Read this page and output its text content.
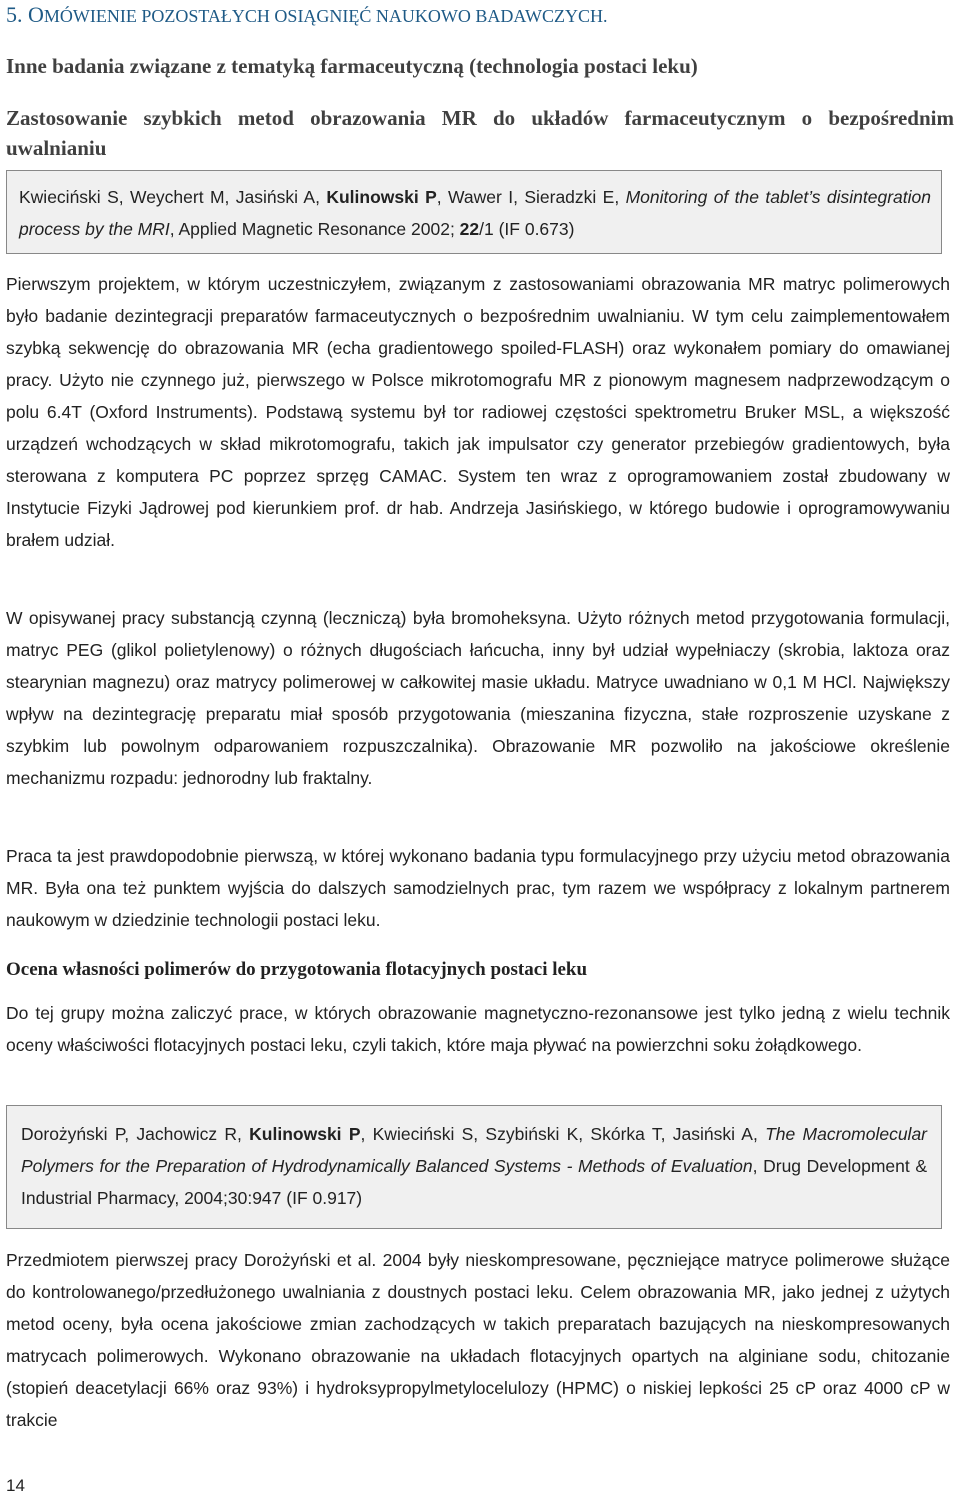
5. OMÓWIENIE POZOSTAŁYCH OSIĄGNIĘĆ NAUKOWO BADAWCZYCH.
Inne badania związane z tematyką farmaceutyczną (technologia postaci leku)
Zastosowanie szybkich metod obrazowania MR do układów farmaceutycznym o bezpośrednim uwalnianiu

Kwieciński S, Weychert M, Jasiński A, Kulinowski P, Wawer I, Sieradzki E, Monitoring of the tablet’s disintegration process by the MRI, Applied Magnetic Resonance 2002; 22/1 (IF 0.673)

Pierwszym projektem, w którym uczestniczyłem, związanym z zastosowaniami obrazowania MR matryc polimerowych było badanie dezintegracji preparatów farmaceutycznych o bezpośrednim uwalnianiu. W tym celu zaimplementowałem szybką sekwencję do obrazowania MR (echa gradientowego spoiled-FLASH) oraz wykonałem pomiary do omawianej pracy. Użyto nie czynnego już, pierwszego w Polsce mikrotomografu MR z pionowym magnesem nadprzewodzącym o polu 6.4T (Oxford Instruments). Podstawą systemu był tor radiowej częstości spektrometru Bruker MSL, a większość urządzeń wchodzących w skład mikrotomografu, takich jak impulsator czy generator przebiegów gradientowych, była sterowana z komputera PC poprzez sprzęg CAMAC. System ten wraz z oprogramowaniem został zbudowany w Instytucie Fizyki Jądrowej pod kierunkiem prof. dr hab. Andrzeja Jasińskiego, w którego budowie i oprogramowywaniu brałem udział.

W opisywanej pracy substancją czynną (leczniczą) była bromoheksyna. Użyto różnych metod przygotowania formulacji, matryc PEG (glikol polietylenowy) o różnych długościach łańcucha, inny był udział wypełniaczy (skrobia, laktoza oraz stearynian magnezu) oraz matrycy polimerowej w całkowitej masie układu. Matryce uwadniano w 0,1 M HCl. Największy wpływ na dezintegrację preparatu miał sposób przygotowania (mieszanina fizyczna, stałe rozproszenie uzyskane z szybkim lub powolnym odparowaniem rozpuszczalnika). Obrazowanie MR pozwoliło na jakościowe określenie mechanizmu rozpadu: jednorodny lub fraktalny.

Praca ta jest prawdopodobnie pierwszą, w której wykonano badania typu formulacyjnego przy użyciu metod obrazowania MR. Była ona też punktem wyjścia do dalszych samodzielnych prac, tym razem we współpracy z lokalnym partnerem naukowym w dziedzinie technologii postaci leku.

Ocena własności polimerów do przygotowania flotacyjnych postaci leku

Do tej grupy można zaliczyć prace, w których obrazowanie magnetyczno-rezonansowe jest tylko jedną z wielu technik oceny właściwości flotacyjnych postaci leku, czyli takich, które maja pływać na powierzchni soku żołądkowego.

Dorożyński P, Jachowicz R, Kulinowski P, Kwieciński S, Szybiński K, Skórka T, Jasiński A, The Macromolecular Polymers for the Preparation of Hydrodynamically Balanced Systems - Methods of Evaluation, Drug Development & Industrial Pharmacy, 2004;30:947 (IF 0.917)

Przedmiotem pierwszej pracy Dorożyński et al. 2004 były nieskompresowane, pęczniejące matryce polimerowe służące do kontrolowanego/przedłużonego uwalniania z doustnych postaci leku. Celem obrazowania MR, jako jednej z użytych metod oceny, była ocena jakościowe zmian zachodzących w takich preparatach bazujących na nieskompresowanych matrycach polimerowych. Wykonano obrazowanie na układach flotacyjnych opartych na alginiane sodu, chitozanie (stopień deacetylacji 66% oraz 93%) i hydroksypropylmetylocelulozy (HPMC) o niskiej lepkości 25 cP oraz 4000 cP w trakcie

14
